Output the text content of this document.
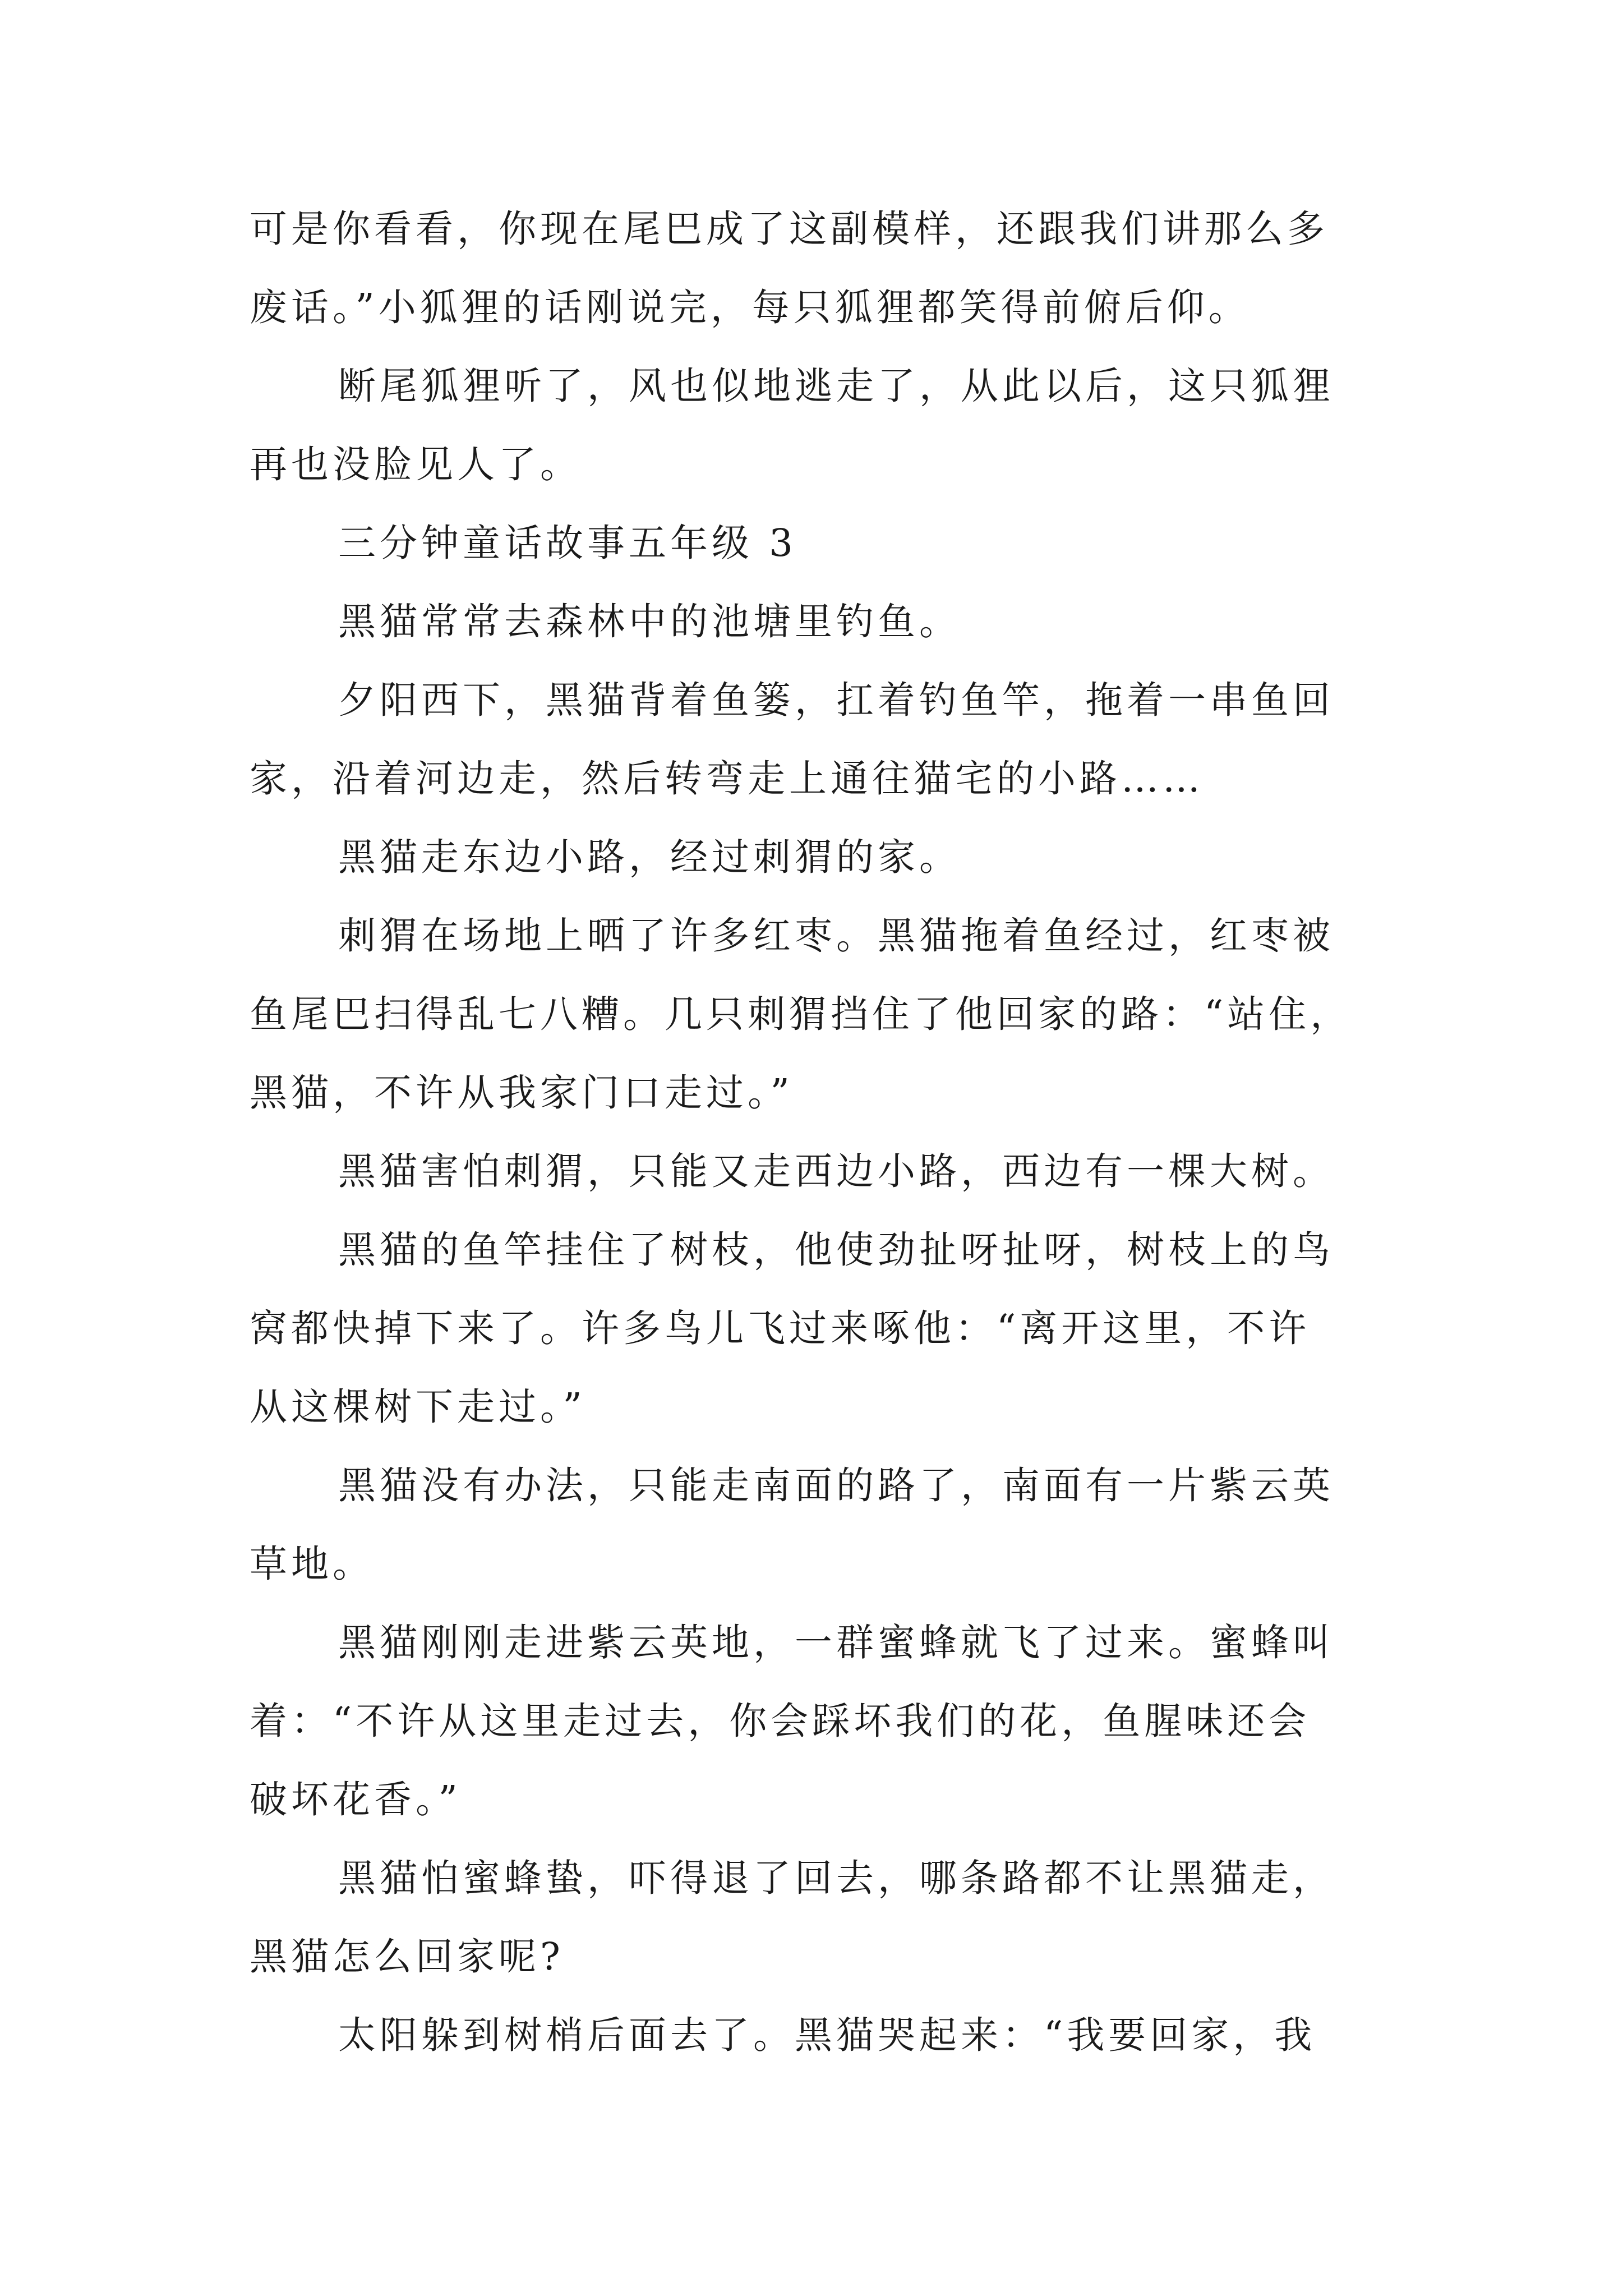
可是你看看，你现在尾巴成了这副模样，还跟我们讲那么多
废话。”小狐狸的话刚说完，每只狐狸都笑得前俯后仰。
断尾狐狸听了，风也似地逃走了，从此以后，这只狐狸
再也没脸见人了。
三分钟童话故事五年级 3
黑猫常常去森林中的池塘里钓鱼。
夕阳西下，黑猫背着鱼篓，扛着钓鱼竿，拖着一串鱼回
家，沿着河边走，然后转弯走上通往猫宅的小路……
黑猫走东边小路，经过刺猬的家。
刺猬在场地上晒了许多红枣。黑猫拖着鱼经过，红枣被
鱼尾巴扫得乱七八糟。几只刺猬挡住了他回家的路：“站住，
黑猫，不许从我家门口走过。”
黑猫害怕刺猬，只能又走西边小路，西边有一棵大树。
黑猫的鱼竿挂住了树枝，他使劲扯呀扯呀，树枝上的鸟
窝都快掉下来了。许多鸟儿飞过来啄他：“离开这里，不许
从这棵树下走过。”
黑猫没有办法，只能走南面的路了，南面有一片紫云英
草地。
黑猫刚刚走进紫云英地，一群蜜蜂就飞了过来。蜜蜂叫
着：“不许从这里走过去，你会踩坏我们的花，鱼腥味还会
破坏花香。”
黑猫怕蜜蜂蛰，吓得退了回去，哪条路都不让黑猫走，
黑猫怎么回家呢?
太阳躲到树梢后面去了。黑猫哭起来：“我要回家，我
